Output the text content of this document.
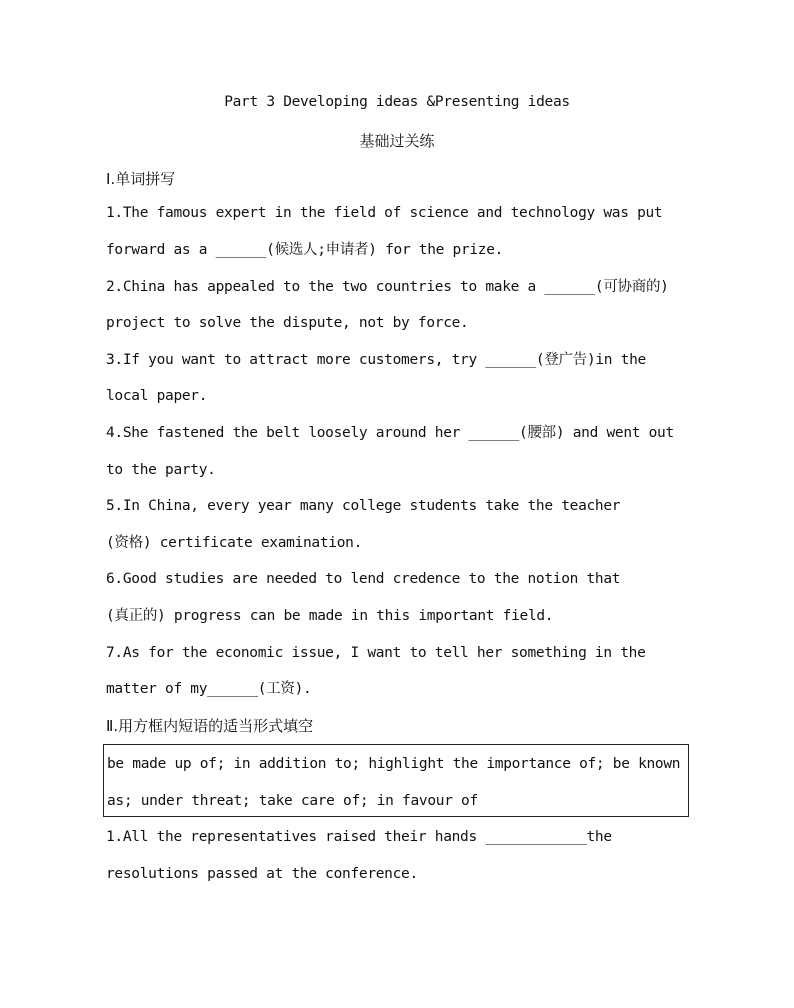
Part 3 Developing ideas &Presenting ideas
基础过关练
Ⅰ.单词拼写
1.The famous expert in the field of science and technology was put
forward as a ______(候选人;申请者) for the prize.
2.China has appealed to the two countries to make a ______(可协商的)
project to solve the dispute, not by force.
3.If you want to attract more customers, try ______(登广告)in the
local paper.
4.She fastened the belt loosely around her ______(腰部) and went out
to the party.
5.In China, every year many college students take the teacher
(资格) certificate examination.
6.Good studies are needed to lend credence to the notion that
(真正的) progress can be made in this important field.
7.As for the economic issue, I want to tell her something in the
matter of my______(工资).
Ⅱ.用方框内短语的适当形式填空
be made up of; in addition to; highlight the importance of; be known
as; under threat; take care of; in favour of
1.All the representatives raised their hands ____________the
resolutions passed at the conference.
